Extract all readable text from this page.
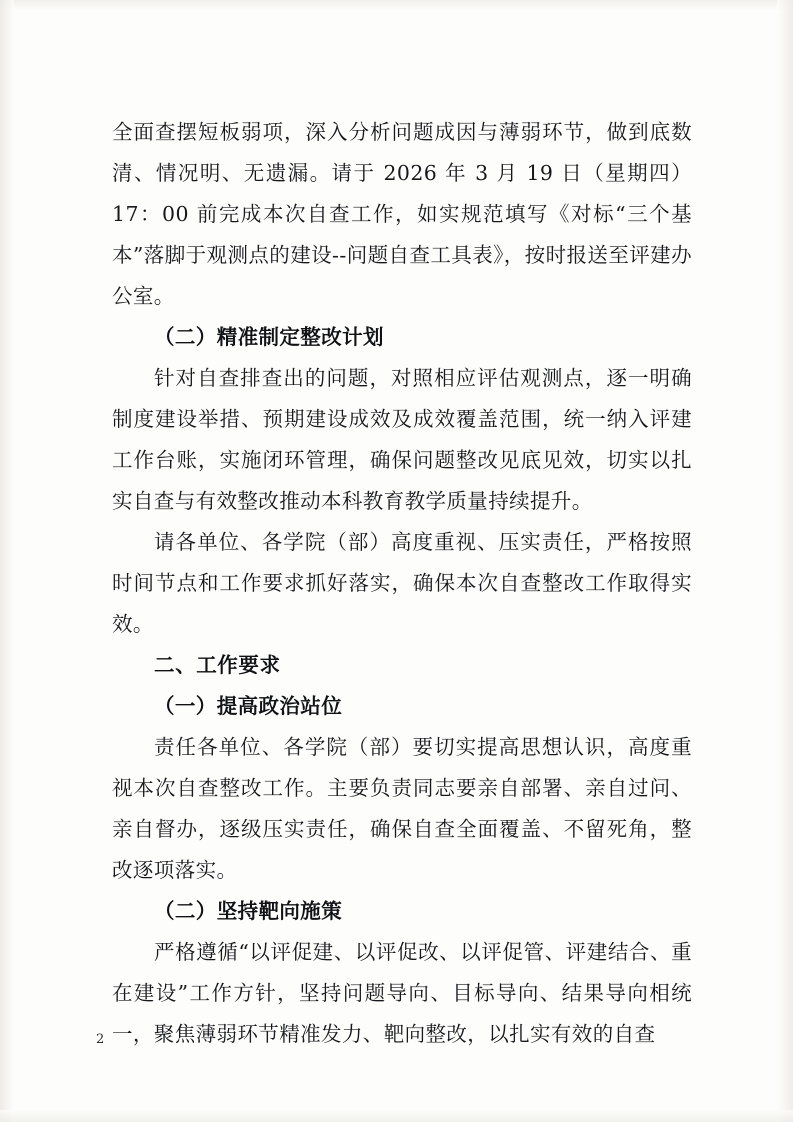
全面查摆短板弱项，深入分析问题成因与薄弱环节，做到底数清、情况明、无遗漏。请于 2026 年 3 月 19 日（星期四）17：00 前完成本次自查工作，如实规范填写《对标“三个基本”落脚于观测点的建设--问题自查工具表》，按时报送至评建办公室。

（二）精准制定整改计划

针对自查排查出的问题，对照相应评估观测点，逐一明确制度建设举措、预期建设成效及成效覆盖范围，统一纳入评建工作台账，实施闭环管理，确保问题整改见底见效，切实以扎实自查与有效整改推动本科教育教学质量持续提升。

请各单位、各学院（部）高度重视、压实责任，严格按照时间节点和工作要求抓好落实，确保本次自查整改工作取得实效。

二、工作要求

（一）提高政治站位

责任各单位、各学院（部）要切实提高思想认识，高度重视本次自查整改工作。主要负责同志要亲自部署、亲自过问、亲自督办，逐级压实责任，确保自查全面覆盖、不留死角，整改逐项落实。

（二）坚持靶向施策

严格遵循“以评促建、以评促改、以评促管、评建结合、重在建设”工作方针，坚持问题导向、目标导向、结果导向相统一，聚焦薄弱环节精准发力、靶向整改，以扎实有效的自查

2
